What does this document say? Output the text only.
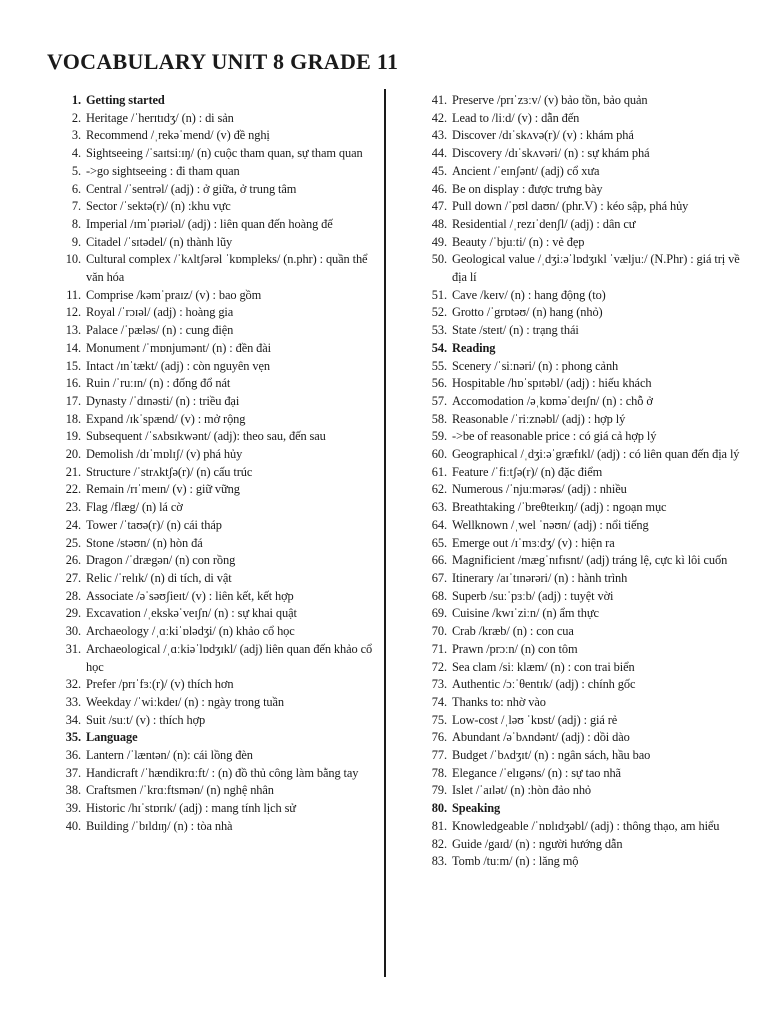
VOCABULARY UNIT 8 GRADE 11
1. Getting started
2. Heritage /ˈherɪtɪdʒ/ (n) : di sản
3. Recommend /ˌrekəˈmend/ (v) đề nghị
4. Sightseeing /ˈsaɪtsiːɪŋ/ (n) cuộc tham quan, sự tham quan
5. ->go sightseeing : đi tham quan
6. Central /ˈsentrəl/ (adj) : ở giữa, ở trung tâm
7. Sector /ˈsektə(r)/ (n) :khu vực
8. Imperial /ɪmˈpɪəriəl/ (adj) : liên quan đến hoàng đế
9. Citadel /ˈsɪtədel/ (n) thành lũy
10. Cultural complex /ˈkʌltʃərəl ˈkɒmpleks/ (n.phr) : quần thể văn hóa
11. Comprise /kəmˈpraɪz/ (v) : bao gồm
12. Royal /ˈrɔɪəl/ (adj) : hoàng gia
13. Palace /ˈpæləs/ (n) : cung điện
14. Monument /ˈmɒnjumənt/ (n) : đền đài
15. Intact /ɪnˈtækt/ (adj) : còn nguyên vẹn
16. Ruin /ˈruːɪn/ (n) : đống đổ nát
17. Dynasty /ˈdɪnəsti/ (n) : triều đại
18. Expand /ɪkˈspænd/ (v) : mở rộng
19. Subsequent /ˈsʌbsɪkwənt/ (adj): theo sau, đến sau
20. Demolish /dɪˈmɒlɪʃ/ (v) phá hủy
21. Structure /ˈstrʌktʃə(r)/ (n) cấu trúc
22. Remain /rɪˈmeɪn/ (v) : giữ vững
23. Flag /flæg/ (n) lá cờ
24. Tower /ˈtaʊə(r)/ (n) cái tháp
25. Stone /stəʊn/ (n) hòn đá
26. Dragon /ˈdrægən/ (n) con rồng
27. Relic /ˈrelɪk/ (n) di tích, di vật
28. Associate /əˈsəʊʃieɪt/ (v) : liên kết, kết hợp
29. Excavation /ˌekskəˈveɪʃn/ (n) : sự khai quật
30. Archaeology /ˌɑːkiˈɒlədʒi/ (n) khảo cổ học
31. Archaeological /ˌɑːkiəˈlɒdʒɪkl/ (adj) liên quan đến khảo cổ học
32. Prefer /prɪˈfɜː(r)/ (v) thích hơn
33. Weekday /ˈwiːkdeɪ/ (n) : ngày trong tuần
34. Suit /suːt/ (v) : thích hợp
35. Language
36. Lantern /ˈlæntən/ (n): cái lồng đèn
37. Handicraft /ˈhændikrɑːft/ : (n) đồ thủ công làm bằng tay
38. Craftsmen /ˈkrɑːftsmən/ (n) nghệ nhân
39. Historic /hɪˈstɒrɪk/ (adj) : mang tính lịch sử
40. Building /ˈbɪldɪŋ/ (n) : tòa nhà
41. Preserve /prɪˈzɜːv/ (v) bảo tồn, bảo quản
42. Lead to /liːd/ (v) : dẫn đến
43. Discover /dɪˈskʌvə(r)/ (v) : khám phá
44. Discovery /dɪˈskʌvəri/ (n) : sự khám phá
45. Ancient /ˈeɪnʃənt/ (adj) cổ xưa
46. Be on display : được trưng bày
47. Pull down /ˈpʊl daʊn/ (phr.V) : kéo sập, phá hủy
48. Residential /ˌrezɪˈdenʃl/ (adj) : dân cư
49. Beauty /ˈbjuːti/ (n) : vẻ đẹp
50. Geological value /ˌdʒiːəˈlɒdʒɪkl ˈvæljuː/ (N.Phr) : giá trị về địa lí
51. Cave /keɪv/ (n) : hang động (to)
52. Grotto /ˈgrɒtəʊ/ (n) hang (nhỏ)
53. State /steɪt/ (n) : trạng thái
54. Reading
55. Scenery /ˈsiːnəri/ (n) : phong cảnh
56. Hospitable /hɒˈspɪtəbl/ (adj) : hiếu khách
57. Accomodation /əˌkɒməˈdeɪʃn/ (n) : chỗ ở
58. Reasonable /ˈriːznəbl/ (adj) : hợp lý
59. ->be of reasonable price : có giá cả hợp lý
60. Geographical /ˌdʒiːəˈgræfɪkl/ (adj) : có liên quan đến địa lý
61. Feature /ˈfiːtʃə(r)/ (n) đặc điểm
62. Numerous /ˈnjuːmərəs/ (adj) : nhiều
63. Breathtaking /ˈbreθteɪkɪŋ/ (adj) : ngoạn mục
64. Wellknown /ˌwel ˈnəʊn/ (adj) : nổi tiếng
65. Emerge out /ɪˈmɜːdʒ/ (v) : hiện ra
66. Magnificient /mægˈnɪfɪsnt/ (adj) tráng lệ, cực kì lôi cuốn
67. Itinerary /aɪˈtɪnərəri/ (n) : hành trình
68. Superb /suːˈpɜːb/ (adj) : tuyệt vời
69. Cuisine /kwɪˈziːn/ (n) ẩm thực
70. Crab /kræb/ (n) : con cua
71. Prawn /prɔːn/ (n) con tôm
72. Sea clam /siː klæm/ (n) : con trai biển
73. Authentic /ɔːˈθentɪk/ (adj) : chính gốc
74. Thanks to: nhờ vào
75. Low-cost /ˌləʊ ˈkɒst/ (adj) : giá rẻ
76. Abundant /əˈbʌndənt/ (adj) : dồi dào
77. Budget /ˈbʌdʒɪt/ (n) : ngân sách, hầu bao
78. Elegance /ˈelɪgəns/ (n) : sự tao nhã
79. Islet /ˈaɪlət/ (n) :hòn đảo nhỏ
80. Speaking
81. Knowledgeable /ˈnɒlɪdʒəbl/ (adj) : thông thạo, am hiểu
82. Guide /gaɪd/ (n) : người hướng dẫn
83. Tomb /tuːm/ (n) : lăng mộ
